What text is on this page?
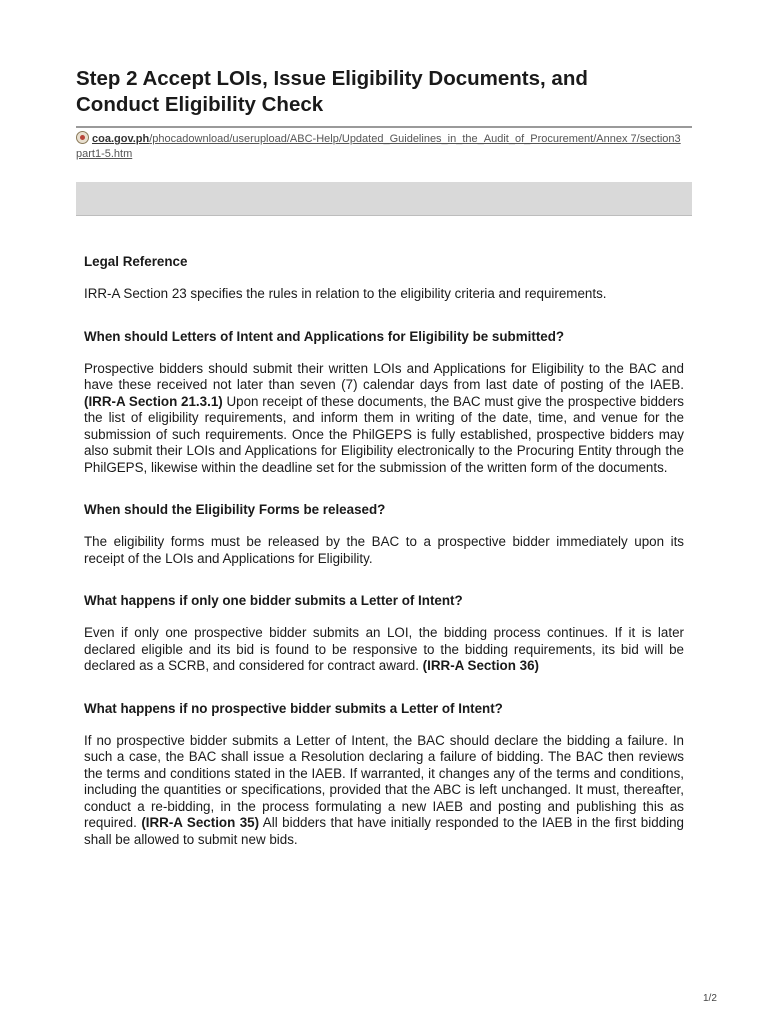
Step 2 Accept LOIs, Issue Eligibility Documents, and Conduct Eligibility Check
coa.gov.ph/phocadownload/userupload/ABC-Help/Updated_Guidelines_in_the_Audit_of_Procurement/Annex 7/section3 part1-5.htm
Legal Reference

IRR-A Section 23 specifies the rules in relation to the eligibility criteria and requirements.

When should Letters of Intent and Applications for Eligibility be submitted?

Prospective bidders should submit their written LOIs and Applications for Eligibility to the BAC and have these received not later than seven (7) calendar days from last date of posting of the IAEB. (IRR-A Section 21.3.1) Upon receipt of these documents, the BAC must give the prospective bidders the list of eligibility requirements, and inform them in writing of the date, time, and venue for the submission of such requirements. Once the PhilGEPS is fully established, prospective bidders may also submit their LOIs and Applications for Eligibility electronically to the Procuring Entity through the PhilGEPS, likewise within the deadline set for the submission of the written form of the documents.

When should the Eligibility Forms be released?

The eligibility forms must be released by the BAC to a prospective bidder immediately upon its receipt of the LOIs and Applications for Eligibility.

What happens if only one bidder submits a Letter of Intent?

Even if only one prospective bidder submits an LOI, the bidding process continues. If it is later declared eligible and its bid is found to be responsive to the bidding requirements, its bid will be declared as a SCRB, and considered for contract award. (IRR-A Section 36)

What happens if no prospective bidder submits a Letter of Intent?

If no prospective bidder submits a Letter of Intent, the BAC should declare the bidding a failure. In such a case, the BAC shall issue a Resolution declaring a failure of bidding. The BAC then reviews the terms and conditions stated in the IAEB. If warranted, it changes any of the terms and conditions, including the quantities or specifications, provided that the ABC is left unchanged. It must, thereafter, conduct a re-bidding, in the process formulating a new IAEB and posting and publishing this as required. (IRR-A Section 35) All bidders that have initially responded to the IAEB in the first bidding shall be allowed to submit new bids.

1/2
